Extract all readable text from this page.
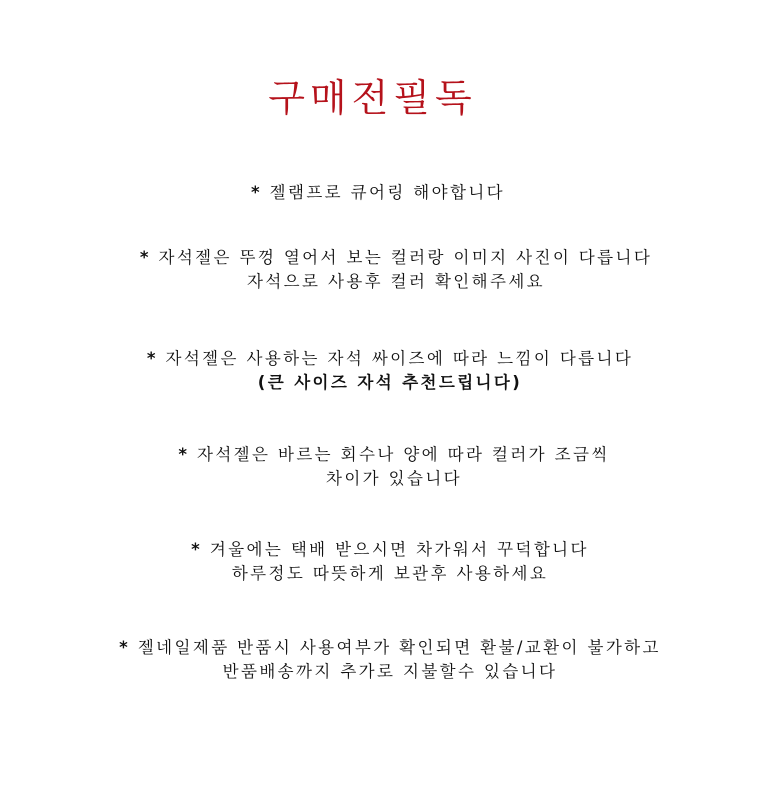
구매전필독
* 젤램프로 큐어링 해야합니다
* 자석젤은 뚜껑 열어서 보는 컬러랑 이미지 사진이 다릅니다
자석으로 사용후 컬러 확인해주세요
* 자석젤은 사용하는 자석 싸이즈에 따라 느낌이 다릅니다
(큰 사이즈 자석 추천드립니다)
* 자석젤은 바르는 회수나 양에 따라 컬러가 조금씩
차이가 있습니다
* 겨울에는 택배 받으시면 차가워서 꾸덕합니다
하루정도 따뜻하게 보관후 사용하세요
* 젤네일제품 반품시 사용여부가 확인되면 환불/교환이 불가하고
반품배송까지 추가로 지불할수 있습니다
